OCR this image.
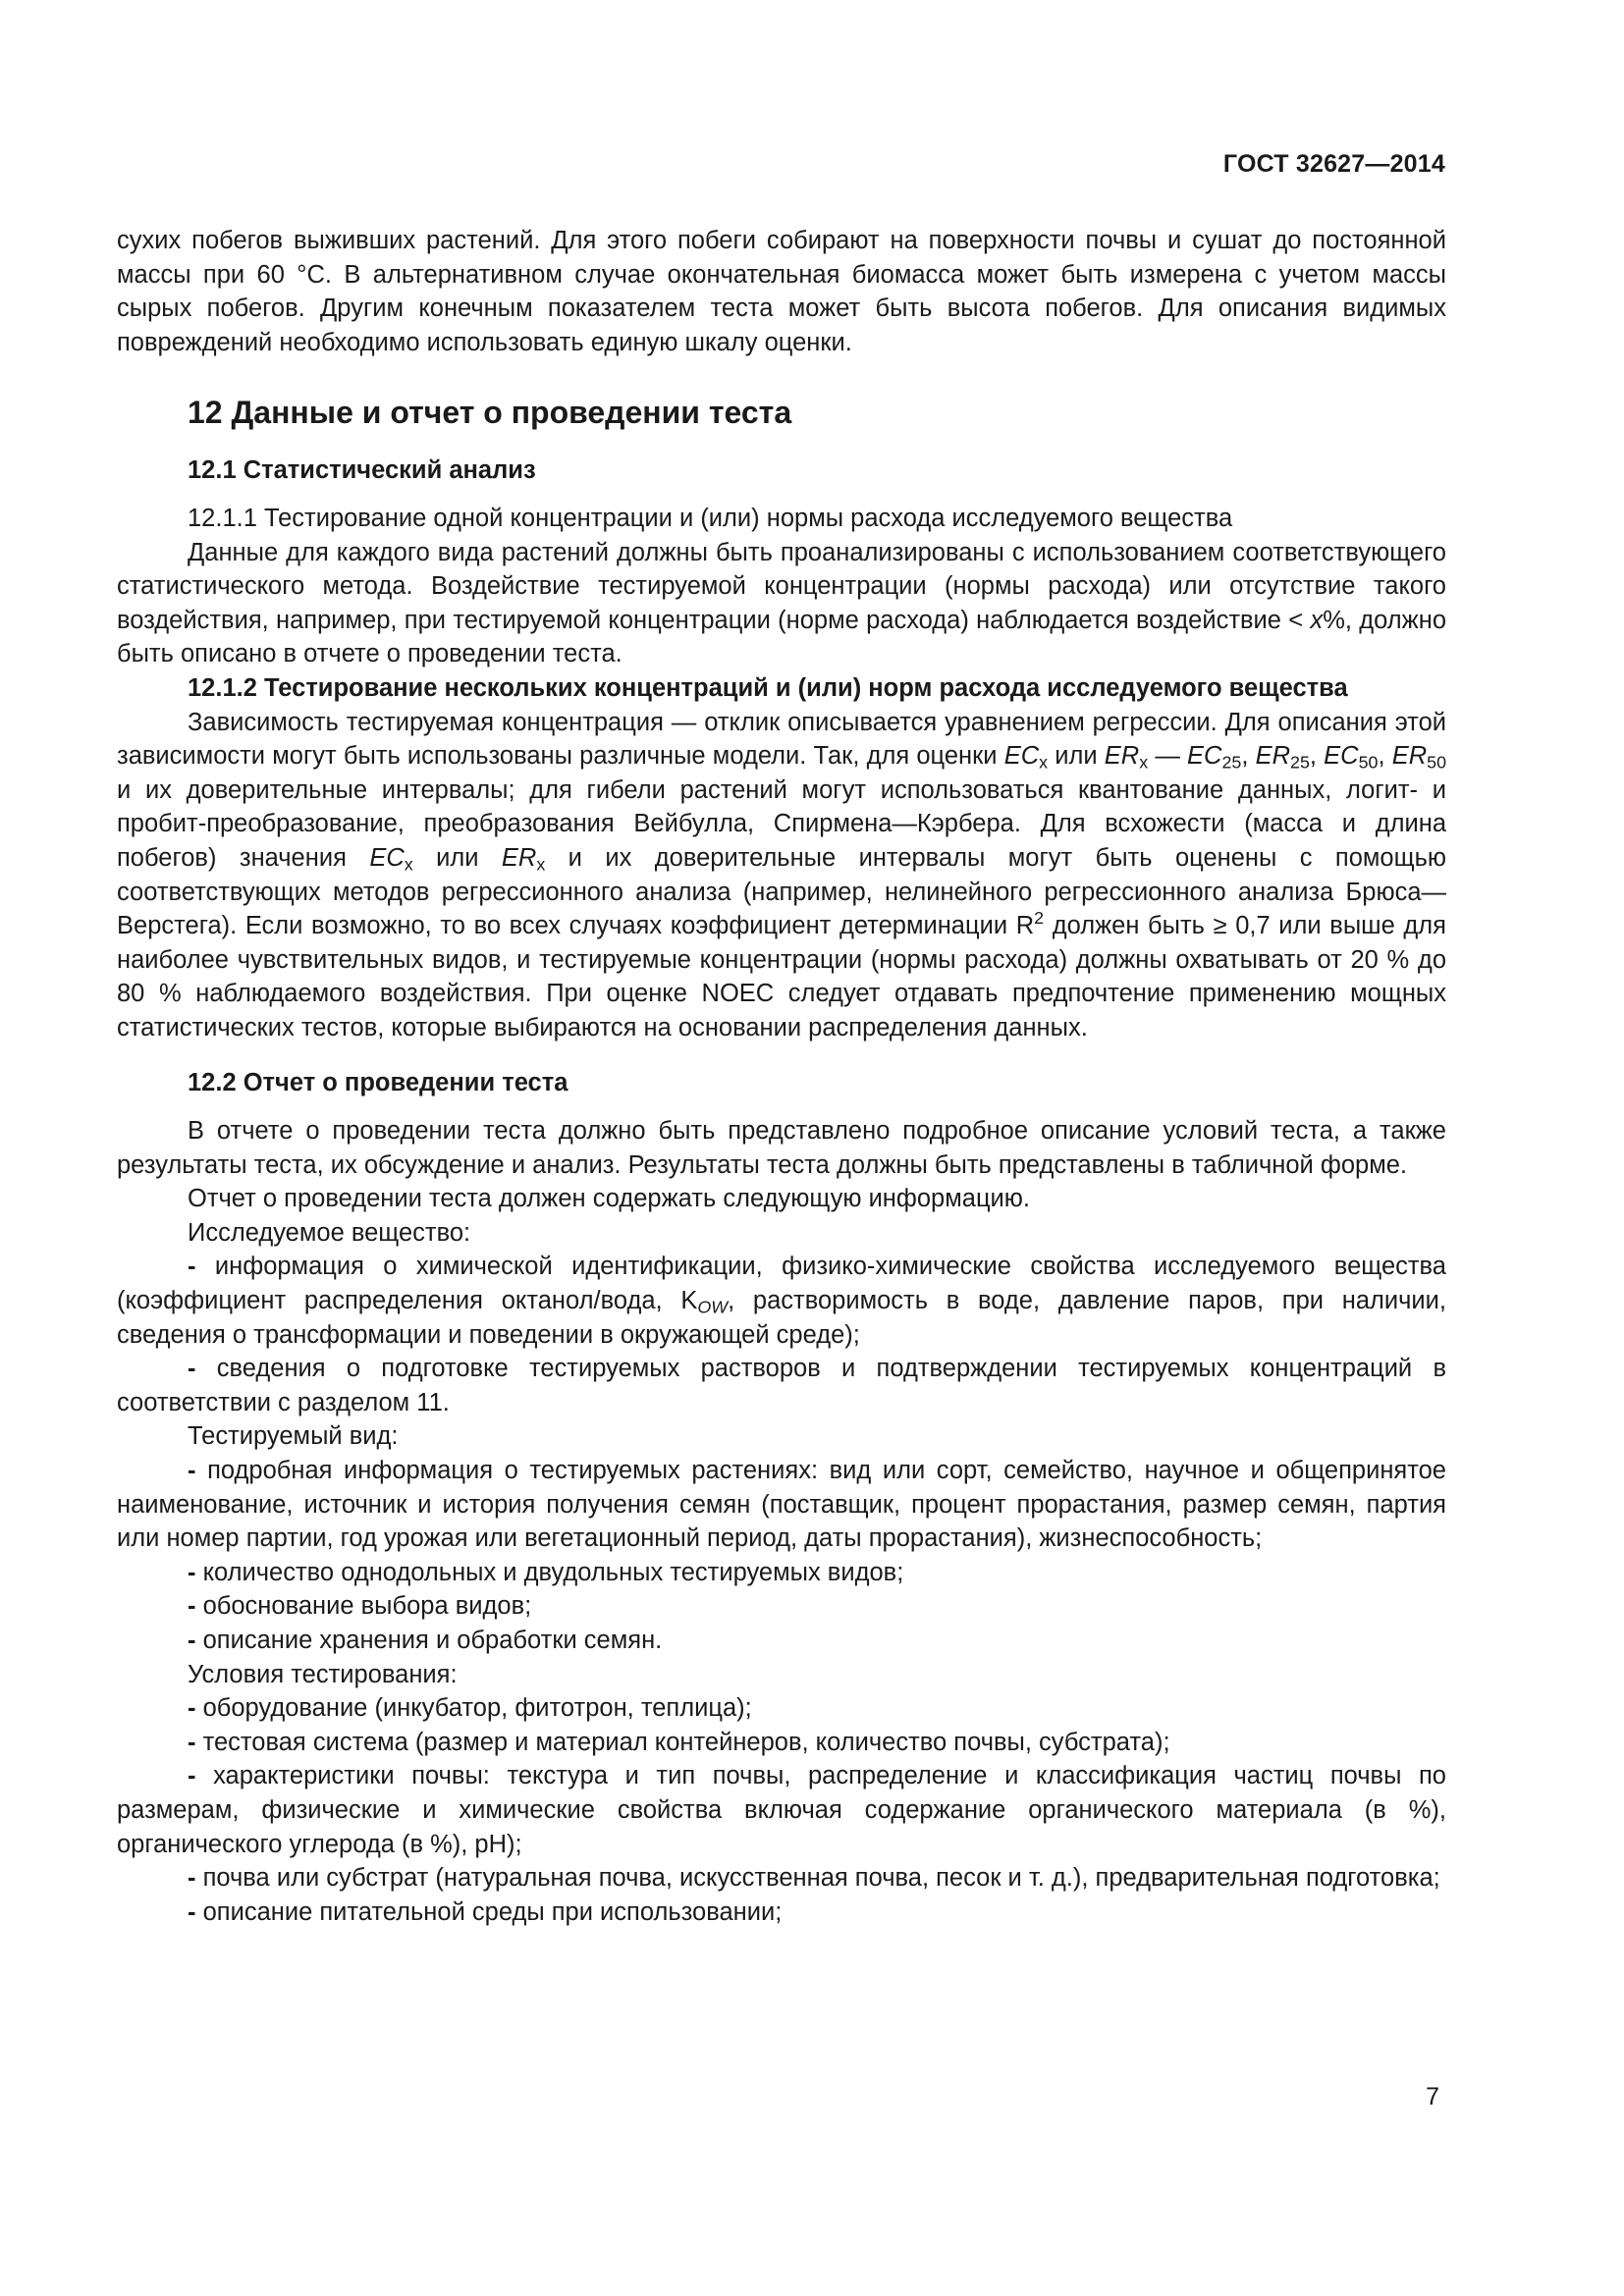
ГОСТ 32627—2014

сухих побегов выживших растений. Для этого побеги собирают на поверхности почвы и сушат до постоянной массы при 60 °С. В альтернативном случае окончательная биомасса может быть измерена с учетом массы сырых побегов. Другим конечным показателем теста может быть высота побегов. Для описания видимых повреждений необходимо использовать единую шкалу оценки.

12 Данные и отчет о проведении теста

12.1 Статистический анализ

12.1.1 Тестирование одной концентрации и (или) нормы расхода исследуемого вещества

Данные для каждого вида растений должны быть проанализированы с использованием соответствующего статистического метода. Воздействие тестируемой концентрации (нормы расхода) или отсутствие такого воздействия, например, при тестируемой концентрации (норме расхода) наблюдается воздействие < x%, должно быть описано в отчете о проведении теста.

12.1.2 Тестирование нескольких концентраций и (или) норм расхода исследуемого вещества

Зависимость тестируемая концентрация — отклик описывается уравнением регрессии. Для описания этой зависимости могут быть использованы различные модели. Так, для оценки $EC_x$ или $ER_x$ — $EC_{25}$, $ER_{25}$, $EC_{50}$, $ER_{50}$ и их доверительные интервалы; для гибели растений могут использоваться квантование данных, логит- и пробит-преобразование, преобразования Вейбулла, Спирмена—Кэрбера. Для всхожести (масса и длина побегов) значения $EC_x$ или $ER_x$ и их доверительные интервалы могут быть оценены с помощью соответствующих методов регрессионного анализа (например, нелинейного регрессионного анализа Брюса—Верстега). Если возможно, то во всех случаях коэффициент детерминации $R^2$ должен быть ≥ 0,7 или выше для наиболее чувствительных видов, и тестируемые концентрации (нормы расхода) должны охватывать от 20 % до 80 % наблюдаемого воздействия. При оценке NOEC следует отдавать предпочтение применению мощных статистических тестов, которые выбираются на основании распределения данных.

12.2 Отчет о проведении теста

В отчете о проведении теста должно быть представлено подробное описание условий теста, а также результаты теста, их обсуждение и анализ. Результаты теста должны быть представлены в табличной форме.

Отчет о проведении теста должен содержать следующую информацию.

Исследуемое вещество:

- информация о химической идентификации, физико-химические свойства исследуемого вещества (коэффициент распределения октанол/вода, $K_{OW}$, растворимость в воде, давление паров, при наличии, сведения о трансформации и поведении в окружающей среде);

- сведения о подготовке тестируемых растворов и подтверждении тестируемых концентраций в соответствии с разделом 11.

Тестируемый вид:

- подробная информация о тестируемых растениях: вид или сорт, семейство, научное и общепринятое наименование, источник и история получения семян (поставщик, процент прорастания, размер семян, партия или номер партии, год урожая или вегетационный период, даты прорастания), жизнеспособность;

- количество однодольных и двудольных тестируемых видов;

- обоснование выбора видов;

- описание хранения и обработки семян.

Условия тестирования:

- оборудование (инкубатор, фитотрон, теплица);

- тестовая система (размер и материал контейнеров, количество почвы, субстрата);

- характеристики почвы: текстура и тип почвы, распределение и классификация частиц почвы по размерам, физические и химические свойства включая содержание органического материала (в %), органического углерода (в %), pH);

- почва или субстрат (натуральная почва, искусственная почва, песок и т. д.), предварительная подготовка;

- описание питательной среды при использовании;

7
